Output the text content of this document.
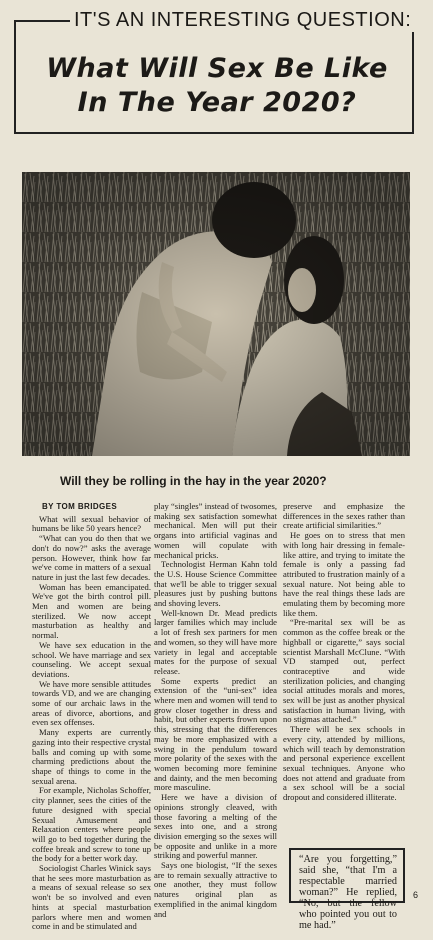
IT'S AN INTERESTING QUESTION:
What Will Sex Be Like
In The Year 2020?
Will they be rolling in the hay in the year 2020?
BY TOM BRIDGES

What will sexual behavior of humans be like 50 years hence?

“What can you do then that we don't do now?” asks the average person. However, think how far we've come in matters of a sexual nature in just the last few decades.

Woman has been emancipated. We've got the birth control pill. Men and women are being sterilized. We now accept masturbation as healthy and normal.

We have sex education in the school. We have marriage and sex counseling. We accept sexual deviations.

We have more sensible attitudes towards VD, and we are changing some of our archaic laws in the areas of divorce, abortions, and even sex offenses.

Many experts are currently gazing into their respective crystal balls and coming up with some charming predictions about the shape of things to come in the sexual arena.

For example, Nicholas Schoffer, city planner, sees the cities of the future designed with special Sexual Amusement and Relaxation centers where people will go to bed together during the coffee break and screw to tone up the body for a better work day.

Sociologist Charles Winick says that he sees more masturbation as a means of sexual release so sex won't be so involved and even hints at special masturbation parlors where men and women come in and be stimulated and

play “singles” instead of twosomes, making sex satisfaction somewhat mechanical. Men will put their organs into artificial vaginas and women will copulate with mechanical pricks.

Technologist Herman Kahn told the U.S. House Science Committee that we'll be able to trigger sexual pleasures just by pushing buttons and shoving levers.

Well-known Dr. Mead predicts larger families which may include a lot of fresh sex partners for men and women, so they will have more variety in legal and acceptable mates for the purpose of sexual release.

Some experts predict an extension of the “uni-sex” idea where men and women will tend to grow closer together in dress and habit, but other experts frown upon this, stressing that the differences may be more emphasized with a swing in the pendulum toward more polarity of the sexes with the women becoming more feminine and dainty, and the men becoming more masculine.

Here we have a division of opinions strongly cleaved, with those favoring a melting of the sexes into one, and a strong division emerging so the sexes will be opposite and unlike in a more striking and powerful manner.

Says one biologist, “If the sexes are to remain sexually attractive to one another, they must follow natures original plan as exemplified in the animal kingdom and

preserve and emphasize the differences in the sexes rather than create artificial similarities.”

He goes on to stress that men with long hair dressing in female-like attire, and trying to imitate the female is only a passing fad attributed to frustration mainly of a sexual nature. Not being able to have the real things these lads are emulating them by becoming more like them.

“Pre-marital sex will be as common as the coffee break or the highball or cigarette,” says social scientist Marshall McClune. “With VD stamped out, perfect contraceptive and wide sterilization policies, and changing social attitudes morals and mores, sex will be just as another physical satisfaction in human living, with no stigmas attached.”

There will be sex schools in every city, attended by millions, which will teach by demonstration and personal experience excellent sexual techniques. Anyone who does not attend and graduate from a sex school will be a social dropout and considered illiterate.

“Are you forgetting,” said she, “that I'm a respectable married woman?” He replied, “No, but the fellow who pointed you out to me had.”
6
